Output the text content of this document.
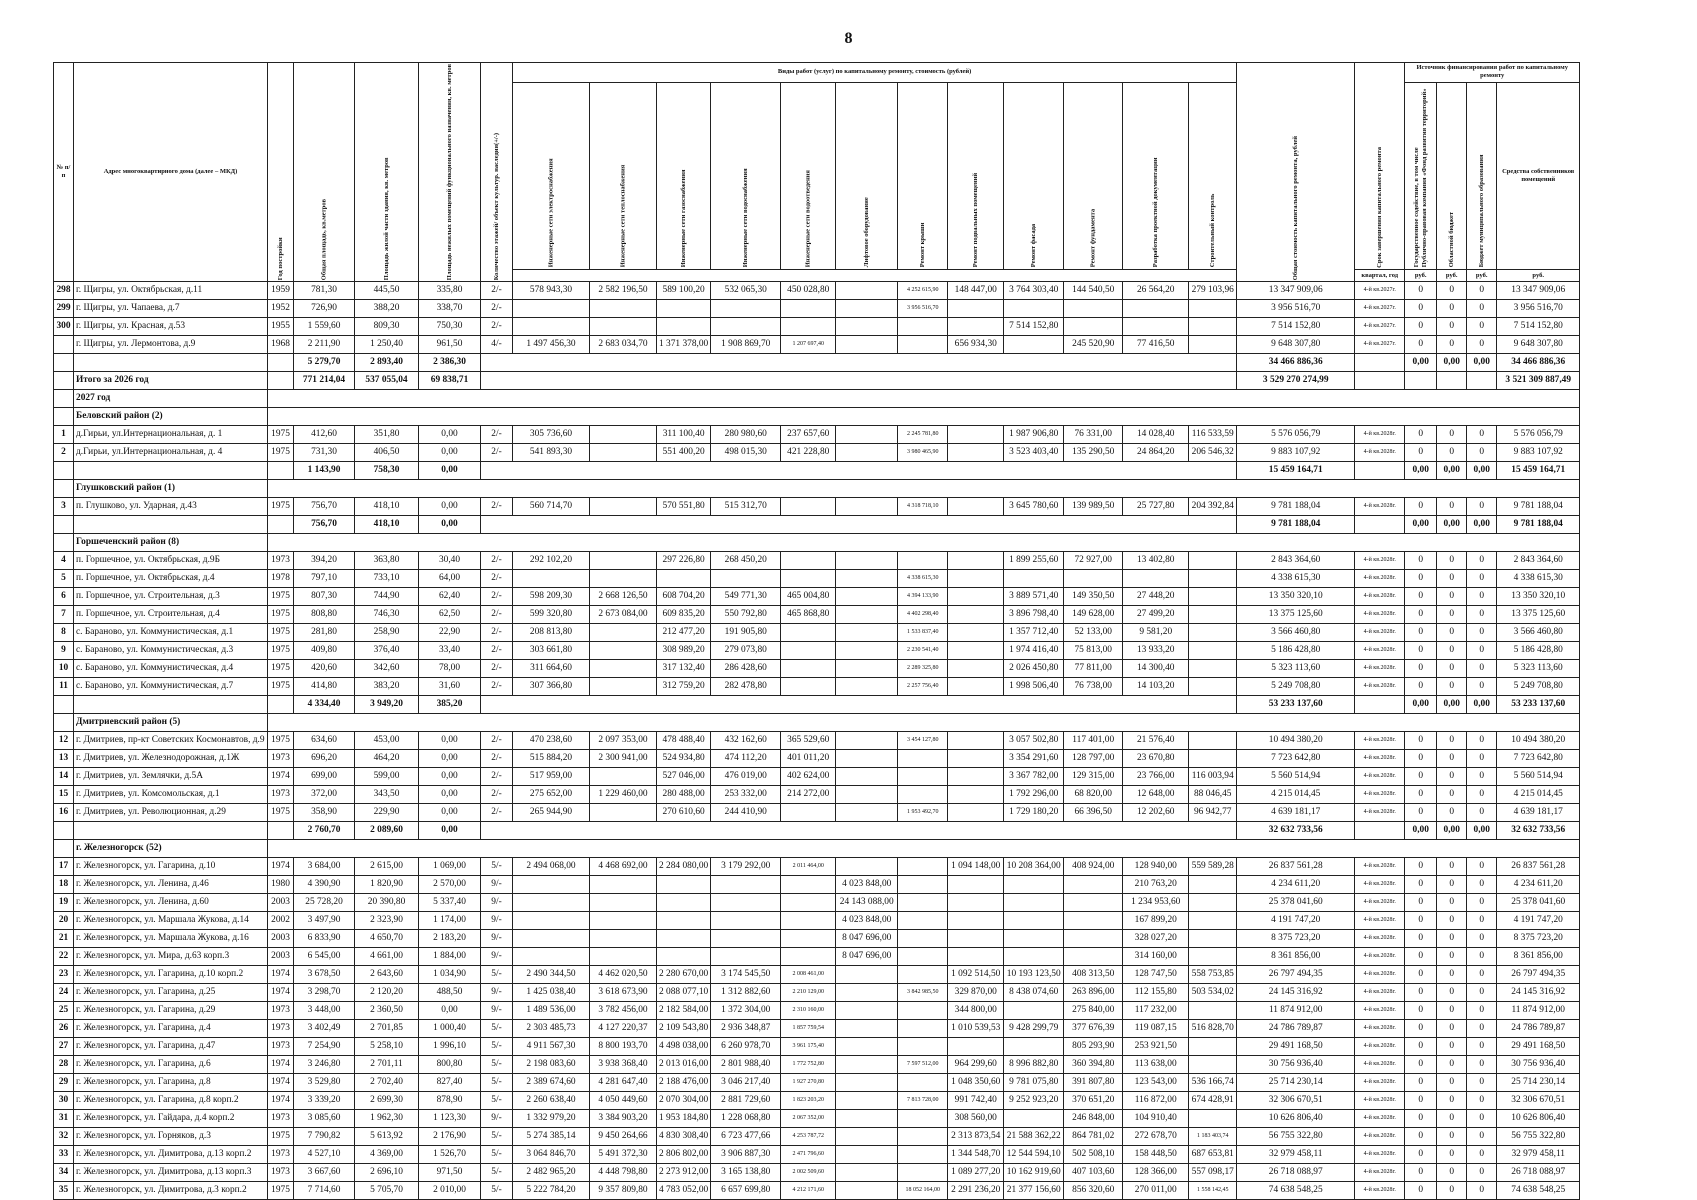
8
№ п/п	Адрес многоквартирного дома (далее – МКД)	Год постройки	Общая площадь, кв.метров	Площадь жилой части здания, кв. метров	Площадь нежилых помещений функционального назначения, кв. метров	Количество этажей/ объект культур. наследия(+/-)	Виды работ (услуг) по капитальному ремонту, стоимость (рублей)												Общая стоимость капитального ремонта, рублей	Срок завершения капитального ремонта	Источник финансирования работ по капитальному ремонту			
							Инженерные сети электроснабжения	Инженерные сети теплоснабжения	Инженерные сети газоснабжения	Инженерные сети водоснабжения	Инженерные сети водоотведения	Лифтовое оборудование	Ремонт крыши	Ремонт подвальных помещений	Ремонт фасада	Ремонт фундамента	Разработка проектной документации	Строительный контроль			Государственное содействие, в том числе Публично-правовая компания «Фонд развития территорий»	Областной бюджет	Бюджет муниципального образования	Средства собственников помещений
																				квартал, год	руб.	руб.	руб.	руб.
298	г. Щигры, ул. Октябрьская, д.11	1959	781,30	445,50	335,80	2/-	578 943,30	2 582 196,50	589 100,20	532 065,30	450 028,80		4 252 615,90	148 447,00	3 764 303,40	144 540,50	26 564,20	279 103,96	13 347 909,06	4-й кв.2027г.	0	0	0	13 347 909,06
299	г. Щигры, ул. Чапаева, д.7	1952	726,90	388,20	338,70	2/-							3 956 516,70						3 956 516,70	4-й кв.2027г.	0	0	0	3 956 516,70
300	г. Щигры, ул. Красная, д.53	1955	1 559,60	809,30	750,30	2/-									7 514 152,80				7 514 152,80	4-й кв.2027г.	0	0	0	7 514 152,80
	г. Щигры, ул. Лермонтова, д.9	1968	2 211,90	1 250,40	961,50	4/-	1 497 456,30	2 683 034,70	1 371 378,00	1 908 869,70	1 207 697,40			656 934,30		245 520,90	77 416,50		9 648 307,80	4-й кв.2027г.	0	0	0	9 648 307,80
			5 279,70	2 893,40	2 386,30														34 466 886,36		0,00	0,00	0,00	34 466 886,36
	Итого за 2026 год		771 214,04	537 055,04	69 838,71														3 529 270 274,99					3 521 309 887,49
	2027 год																							
	Беловский район (2)																							
1	д.Гирьи, ул.Интернациональная, д. 1	1975	412,60	351,80	0,00	2/-	305 736,60		311 100,40	280 980,60	237 657,60		2 245 781,80		1 987 906,80	76 331,00	14 028,40	116 533,59	5 576 056,79	4-й кв.2028г.	0	0	0	5 576 056,79
2	д.Гирьи, ул.Интернациональная, д. 4	1975	731,30	406,50	0,00	2/-	541 893,30		551 400,20	498 015,30	421 228,80		3 980 465,90		3 523 403,40	135 290,50	24 864,20	206 546,32	9 883 107,92	4-й кв.2028г.	0	0	0	9 883 107,92
			1 143,90	758,30	0,00														15 459 164,71		0,00	0,00	0,00	15 459 164,71
	Глушковский район (1)																							
3	п. Глушково, ул. Ударная, д.43	1975	756,70	418,10	0,00	2/-	560 714,70		570 551,80	515 312,70			4 318 718,10		3 645 780,60	139 989,50	25 727,80	204 392,84	9 781 188,04	4-й кв.2028г.	0	0	0	9 781 188,04
			756,70	418,10	0,00														9 781 188,04		0,00	0,00	0,00	9 781 188,04
	Горшеченский район (8)																							
4	п. Горшечное, ул. Октябрьская, д.9Б	1973	394,20	363,80	30,40	2/-	292 102,20		297 226,80	268 450,20					1 899 255,60	72 927,00	13 402,80		2 843 364,60	4-й кв.2028г.	0	0	0	2 843 364,60
5	п. Горшечное, ул. Октябрьская, д.4	1978	797,10	733,10	64,00	2/-							4 338 615,30						4 338 615,30	4-й кв.2028г.	0	0	0	4 338 615,30
6	п. Горшечное, ул. Строительная, д.3	1975	807,30	744,90	62,40	2/-	598 209,30	2 668 126,50	608 704,20	549 771,30	465 004,80		4 394 133,90		3 889 571,40	149 350,50	27 448,20		13 350 320,10	4-й кв.2028г.	0	0	0	13 350 320,10
7	п. Горшечное, ул. Строительная, д.4	1975	808,80	746,30	62,50	2/-	599 320,80	2 673 084,00	609 835,20	550 792,80	465 868,80		4 402 298,40		3 896 798,40	149 628,00	27 499,20		13 375 125,60	4-й кв.2028г.	0	0	0	13 375 125,60
8	с. Бараново, ул. Коммунистическая, д.1	1975	281,80	258,90	22,90	2/-	208 813,80		212 477,20	191 905,80			1 533 837,40		1 357 712,40	52 133,00	9 581,20		3 566 460,80	4-й кв.2028г.	0	0	0	3 566 460,80
9	с. Бараново, ул. Коммунистическая, д.3	1975	409,80	376,40	33,40	2/-	303 661,80		308 989,20	279 073,80			2 230 541,40		1 974 416,40	75 813,00	13 933,20		5 186 428,80	4-й кв.2028г.	0	0	0	5 186 428,80
10	с. Бараново, ул. Коммунистическая, д.4	1975	420,60	342,60	78,00	2/-	311 664,60		317 132,40	286 428,60			2 289 325,80		2 026 450,80	77 811,00	14 300,40		5 323 113,60	4-й кв.2028г.	0	0	0	5 323 113,60
11	с. Бараново, ул. Коммунистическая, д.7	1975	414,80	383,20	31,60	2/-	307 366,80		312 759,20	282 478,80			2 257 756,40		1 998 506,40	76 738,00	14 103,20		5 249 708,80	4-й кв.2028г.	0	0	0	5 249 708,80
			4 334,40	3 949,20	385,20														53 233 137,60		0,00	0,00	0,00	53 233 137,60
	Дмитриевский район (5)																							
12	г. Дмитриев, пр-кт Советских Космонавтов, д.9	1975	634,60	453,00	0,00	2/-	470 238,60	2 097 353,00	478 488,40	432 162,60	365 529,60		3 454 127,80		3 057 502,80	117 401,00	21 576,40		10 494 380,20	4-й кв.2028г.	0	0	0	10 494 380,20
13	г. Дмитриев, ул. Железнодорожная, д.1Ж	1973	696,20	464,20	0,00	2/-	515 884,20	2 300 941,00	524 934,80	474 112,20	401 011,20				3 354 291,60	128 797,00	23 670,80		7 723 642,80	4-й кв.2028г.	0	0	0	7 723 642,80
14	г. Дмитриев, ул. Землячки, д.5А	1974	699,00	599,00	0,00	2/-	517 959,00		527 046,00	476 019,00	402 624,00				3 367 782,00	129 315,00	23 766,00	116 003,94	5 560 514,94	4-й кв.2028г.	0	0	0	5 560 514,94
15	г. Дмитриев, ул. Комсомольская, д.1	1973	372,00	343,50	0,00	2/-	275 652,00	1 229 460,00	280 488,00	253 332,00	214 272,00				1 792 296,00	68 820,00	12 648,00	88 046,45	4 215 014,45	4-й кв.2028г.	0	0	0	4 215 014,45
16	г. Дмитриев, ул. Революционная, д.29	1975	358,90	229,90	0,00	2/-	265 944,90		270 610,60	244 410,90			1 953 492,70		1 729 180,20	66 396,50	12 202,60	96 942,77	4 639 181,17	4-й кв.2028г.	0	0	0	4 639 181,17
			2 760,70	2 089,60	0,00														32 632 733,56		0,00	0,00	0,00	32 632 733,56
	г. Железногорск (52)																							
17	г. Железногорск, ул. Гагарина, д.10	1974	3 684,00	2 615,00	1 069,00	5/-	2 494 068,00	4 468 692,00	2 284 080,00	3 179 292,00	2 011 464,00			1 094 148,00	10 208 364,00	408 924,00	128 940,00	559 589,28	26 837 561,28	4-й кв.2028г.	0	0	0	26 837 561,28
18	г. Железногорск, ул. Ленина, д.46	1980	4 390,90	1 820,90	2 570,00	9/-						4 023 848,00					210 763,20		4 234 611,20	4-й кв.2028г.	0	0	0	4 234 611,20
19	г. Железногорск, ул. Ленина, д.60	2003	25 728,20	20 390,80	5 337,40	9/-						24 143 088,00					1 234 953,60		25 378 041,60	4-й кв.2028г.	0	0	0	25 378 041,60
20	г. Железногорск, ул. Маршала Жукова, д.14	2002	3 497,90	2 323,90	1 174,00	9/-						4 023 848,00					167 899,20		4 191 747,20	4-й кв.2028г.	0	0	0	4 191 747,20
21	г. Железногорск, ул. Маршала Жукова, д.16	2003	6 833,90	4 650,70	2 183,20	9/-						8 047 696,00					328 027,20		8 375 723,20	4-й кв.2028г.	0	0	0	8 375 723,20
22	г. Железногорск, ул. Мира, д.63 корп.3	2003	6 545,00	4 661,00	1 884,00	9/-						8 047 696,00					314 160,00		8 361 856,00	4-й кв.2028г.	0	0	0	8 361 856,00
23	г. Железногорск, ул. Гагарина, д.10 корп.2	1974	3 678,50	2 643,60	1 034,90	5/-	2 490 344,50	4 462 020,50	2 280 670,00	3 174 545,50	2 008 461,00			1 092 514,50	10 193 123,50	408 313,50	128 747,50	558 753,85	26 797 494,35	4-й кв.2028г.	0	0	0	26 797 494,35
24	г. Железногорск, ул. Гагарина, д.25	1974	3 298,70	2 120,20	488,50	9/-	1 425 038,40	3 618 673,90	2 088 077,10	1 312 882,60	2 210 129,00		3 842 985,50	329 870,00	8 438 074,60	263 896,00	112 155,80	503 534,02	24 145 316,92	4-й кв.2028г.	0	0	0	24 145 316,92
25	г. Железногорск, ул. Гагарина, д.29	1973	3 448,00	2 360,50	0,00	9/-	1 489 536,00	3 782 456,00	2 182 584,00	1 372 304,00	2 310 160,00			344 800,00		275 840,00	117 232,00		11 874 912,00	4-й кв.2028г.	0	0	0	11 874 912,00
26	г. Железногорск, ул. Гагарина, д.4	1973	3 402,49	2 701,85	1 000,40	5/-	2 303 485,73	4 127 220,37	2 109 543,80	2 936 348,87	1 857 759,54			1 010 539,53	9 428 299,79	377 676,39	119 087,15	516 828,70	24 786 789,87	4-й кв.2028г.	0	0	0	24 786 789,87
27	г. Железногорск, ул. Гагарина, д.47	1973	7 254,90	5 258,10	1 996,10	5/-	4 911 567,30	8 800 193,70	4 498 038,00	6 260 978,70	3 961 175,40					805 293,90	253 921,50		29 491 168,50	4-й кв.2028г.	0	0	0	29 491 168,50
28	г. Железногорск, ул. Гагарина, д.6	1974	3 246,80	2 701,11	800,80	5/-	2 198 083,60	3 938 368,40	2 013 016,00	2 801 988,40	1 772 752,80		7 597 512,00	964 299,60	8 996 882,80	360 394,80	113 638,00		30 756 936,40	4-й кв.2028г.	0	0	0	30 756 936,40
29	г. Железногорск, ул. Гагарина, д.8	1974	3 529,80	2 702,40	827,40	5/-	2 389 674,60	4 281 647,40	2 188 476,00	3 046 217,40	1 927 270,80			1 048 350,60	9 781 075,80	391 807,80	123 543,00	536 166,74	25 714 230,14	4-й кв.2028г.	0	0	0	25 714 230,14
30	г. Железногорск, ул. Гагарина, д.8 корп.2	1974	3 339,20	2 699,30	878,90	5/-	2 260 638,40	4 050 449,60	2 070 304,00	2 881 729,60	1 823 203,20		7 813 728,00	991 742,40	9 252 923,20	370 651,20	116 872,00	674 428,91	32 306 670,51	4-й кв.2028г.	0	0	0	32 306 670,51
31	г. Железногорск, ул. Гайдара, д.4 корп.2	1973	3 085,60	1 962,30	1 123,30	9/-	1 332 979,20	3 384 903,20	1 953 184,80	1 228 068,80	2 067 352,00			308 560,00		246 848,00	104 910,40		10 626 806,40	4-й кв.2028г.	0	0	0	10 626 806,40
32	г. Железногорск, ул. Горняков, д.3	1975	7 790,82	5 613,92	2 176,90	5/-	5 274 385,14	9 450 264,66	4 830 308,40	6 723 477,66	4 253 787,72			2 313 873,54	21 588 362,22	864 781,02	272 678,70	1 183 403,74	56 755 322,80	4-й кв.2028г.	0	0	0	56 755 322,80
33	г. Железногорск, ул. Димитрова, д.13 корп.2	1973	4 527,10	4 369,00	1 526,70	5/-	3 064 846,70	5 491 372,30	2 806 802,00	3 906 887,30	2 471 796,60			1 344 548,70	12 544 594,10	502 508,10	158 448,50	687 653,81	32 979 458,11	4-й кв.2028г.	0	0	0	32 979 458,11
34	г. Железногорск, ул. Димитрова, д.13 корп.3	1973	3 667,60	2 696,10	971,50	5/-	2 482 965,20	4 448 798,80	2 273 912,00	3 165 138,80	2 002 509,60			1 089 277,20	10 162 919,60	407 103,60	128 366,00	557 098,17	26 718 088,97	4-й кв.2028г.	0	0	0	26 718 088,97
35	г. Железногорск, ул. Димитрова, д.3 корп.2	1975	7 714,60	5 705,70	2 010,00	5/-	5 222 784,20	9 357 809,80	4 783 052,00	6 657 699,80	4 212 171,60		18 052 164,00	2 291 236,20	21 377 156,60	856 320,60	270 011,00	1 558 142,45	74 638 548,25	4-й кв.2028г.	0	0	0	74 638 548,25
